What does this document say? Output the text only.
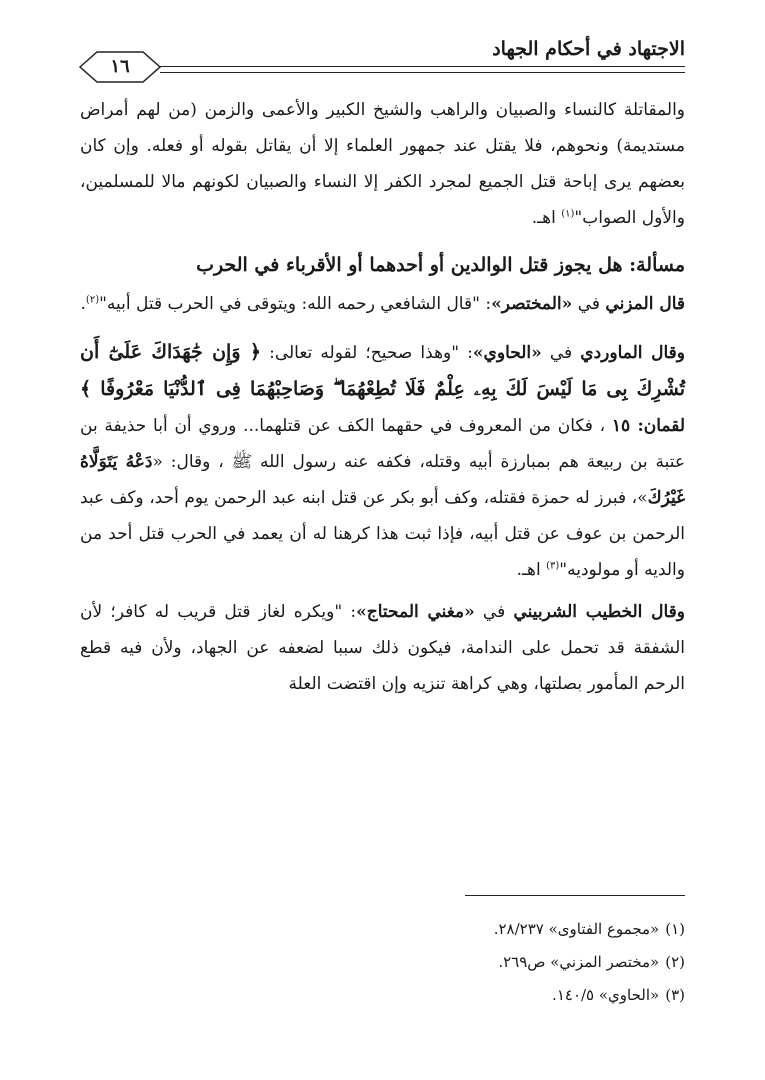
الاجتهاد في أحكام الجهاد
١٦

والمقاتلة كالنساء والصبيان والراهب والشيخ الكبير والأعمى والزمن (من لهم أمراض مستديمة) ونحوهم، فلا يقتل عند جمهور العلماء إلا أن يقاتل بقوله أو فعله. وإن كان بعضهم يرى إباحة قتل الجميع لمجرد الكفر إلا النساء والصبيان لكونهم مالا للمسلمين، والأول الصواب"$^{(١)}$ اهـ.

مسألة: هل يجوز قتل الوالدين أو أحدهما أو الأقرباء في الحرب

قال المزني في «المختصر»: "قال الشافعي رحمه الله: ويتوقى في الحرب قتل أبيه"$^{(٢)}$.

وقال الماوردي في «الحاوي»: "وهذا صحيح؛ لقوله تعالى: ﴿ وَإِن جَٰهَدَاكَ عَلَىٰٓ أَن تُشْرِكَ بِى مَا لَيْسَ لَكَ بِهِۦ عِلْمٌ فَلَا تُطِعْهُمَا ۖ وَصَاحِبْهُمَا فِى ٱلدُّنْيَا مَعْرُوفًا ﴾ لقمان: ١٥ ، فكان من المعروف في حقهما الكف عن قتلهما... وروي أن أبا حذيفة بن عتبة بن ربيعة هم بمبارزة أبيه وقتله، فكفه عنه رسول الله ﷺ ، وقال: «دَعْهُ يَتَوَلَّاهُ غَيْرُكَ»، فبرز له حمزة فقتله، وكف أبو بكر عن قتل ابنه عبد الرحمن يوم أحد، وكف عبد الرحمن بن عوف عن قتل أبيه، فإذا ثبت هذا كرهنا له أن يعمد في الحرب قتل أحد من والديه أو مولوديه"$^{(٣)}$ اهـ.

وقال الخطيب الشربيني في «مغني المحتاج»: "ويكره لغاز قتل قريب له كافر؛ لأن الشفقة قد تحمل على الندامة، فيكون ذلك سببا لضعفه عن الجهاد، ولأن فيه قطع الرحم المأمور بصلتها، وهي كراهة تنزيه وإن اقتضت العلة

(١)«مجموع الفتاوى» ٢٨/٢٣٧.
(٢)«مختصر المزني» ص٢٦٩.
(٣)«الحاوي» ١٤٠/٥.
